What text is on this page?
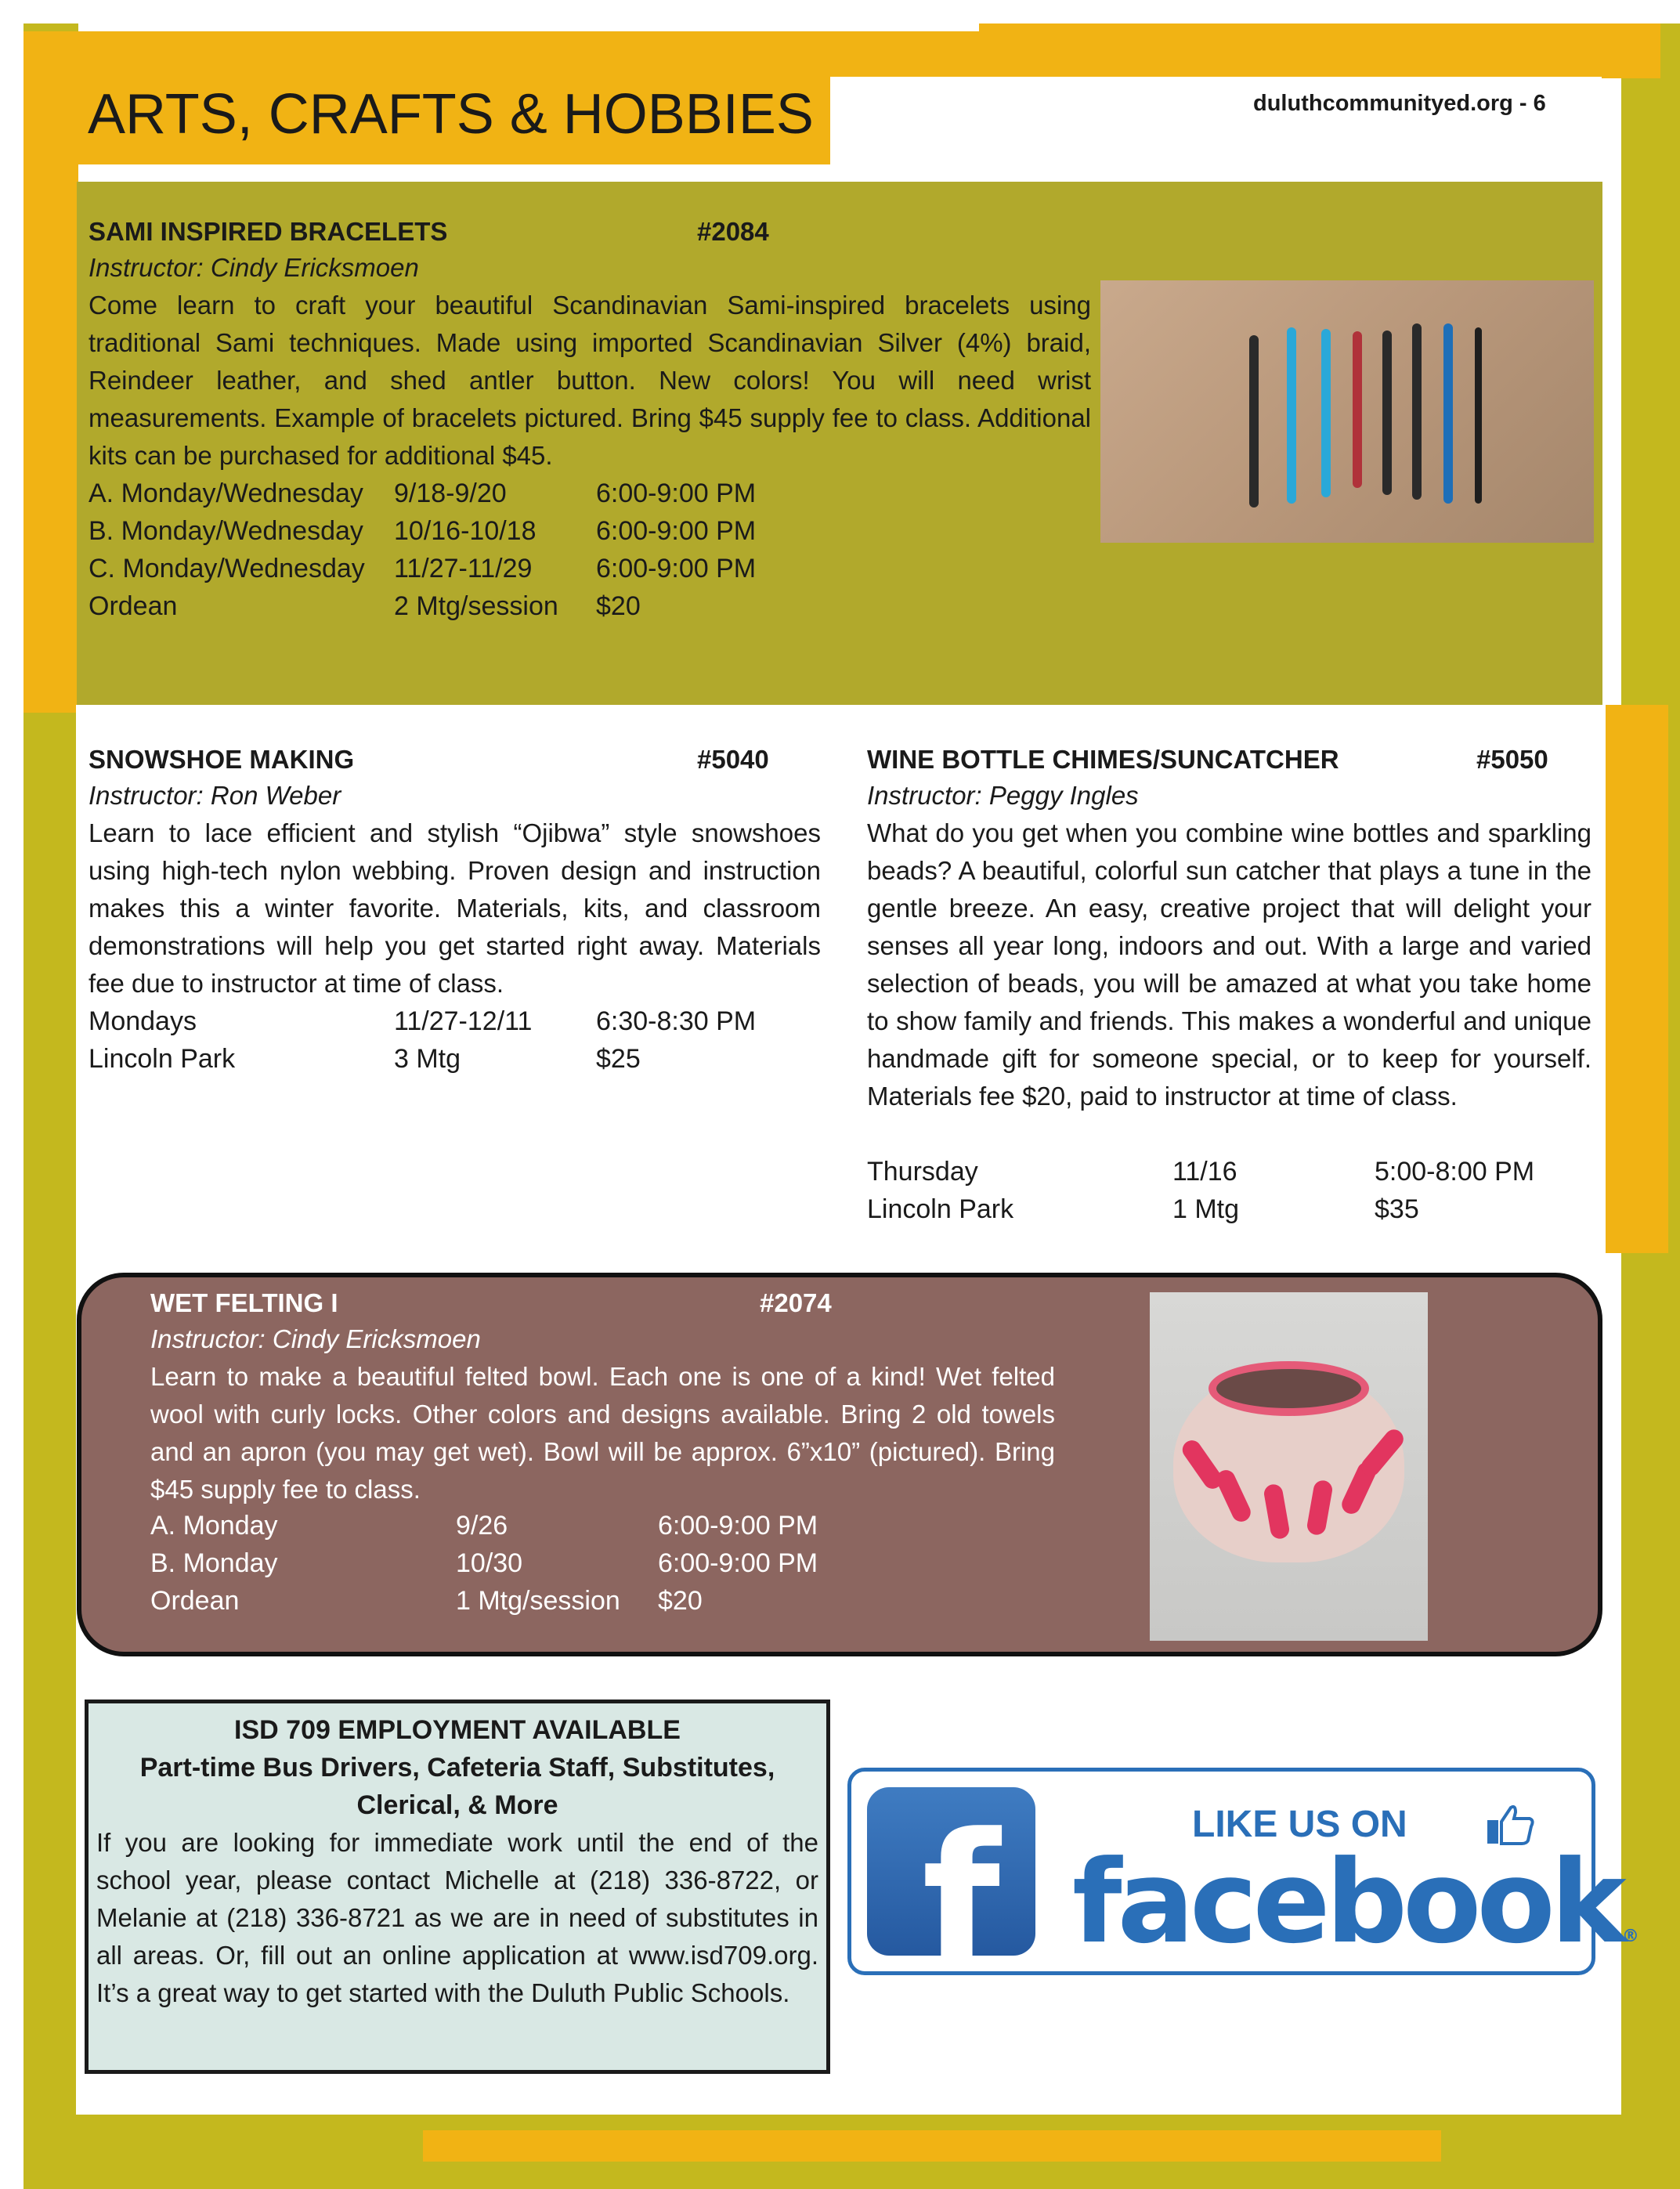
ARTS, CRAFTS & HOBBIES	duluthcommunityed.org - 6
SAMI INSPIRED BRACELETS	#2084
Instructor: Cindy Ericksmoen
Come learn to craft your beautiful Scandinavian Sami-inspired bracelets using traditional Sami techniques. Made using imported Scandinavian Silver (4%) braid, Reindeer leather, and shed antler button. New colors! You will need wrist measurements. Example of bracelets pictured. Bring $45 supply fee to class. Additional kits can be purchased for additional $45.
A. Monday/Wednesday	9/18-9/20	6:00-9:00 PM
B. Monday/Wednesday	10/16-10/18	6:00-9:00 PM
C. Monday/Wednesday	11/27-11/29	6:00-9:00 PM
Ordean	2 Mtg/session	$20
SNOWSHOE MAKING	#5040
Instructor: Ron Weber
Learn to lace efficient and stylish “Ojibwa” style snowshoes using high-tech nylon webbing. Proven design and instruction makes this a winter favorite. Materials, kits, and classroom demonstrations will help you get started right away. Materials fee due to instructor at time of class.
Mondays	11/27-12/11	6:30-8:30 PM
Lincoln Park	3 Mtg	$25
WINE BOTTLE CHIMES/SUNCATCHER	#5050
Instructor: Peggy Ingles
What do you get when you combine wine bottles and sparkling beads? A beautiful, colorful sun catcher that plays a tune in the gentle breeze. An easy, creative project that will delight your senses all year long, indoors and out. With a large and varied selection of beads, you will be amazed at what you take home to show family and friends. This makes a wonderful and unique handmade gift for someone special, or to keep for yourself. Materials fee $20, paid to instructor at time of class.
Thursday	11/16	5:00-8:00 PM
Lincoln Park	1 Mtg	$35
WET FELTING I	#2074
Instructor: Cindy Ericksmoen
Learn to make a beautiful felted bowl. Each one is one of a kind! Wet felted wool with curly locks. Other colors and designs available. Bring 2 old towels and an apron (you may get wet). Bowl will be approx. 6”x10” (pictured). Bring $45 supply fee to class.
A. Monday	9/26	6:00-9:00 PM
B. Monday	10/30	6:00-9:00 PM
Ordean	1 Mtg/session	$20
ISD 709 EMPLOYMENT AVAILABLE
Part-time Bus Drivers, Cafeteria Staff, Substitutes, Clerical, & More
If you are looking for immediate work until the end of the school year, please contact Michelle at (218) 336-8722, or Melanie at (218) 336-8721 as we are in need of substitutes in all areas. Or, fill out an online application at www.isd709.org. It’s a great way to get started with the Duluth Public Schools. f	LIKE US ON
facebook®
